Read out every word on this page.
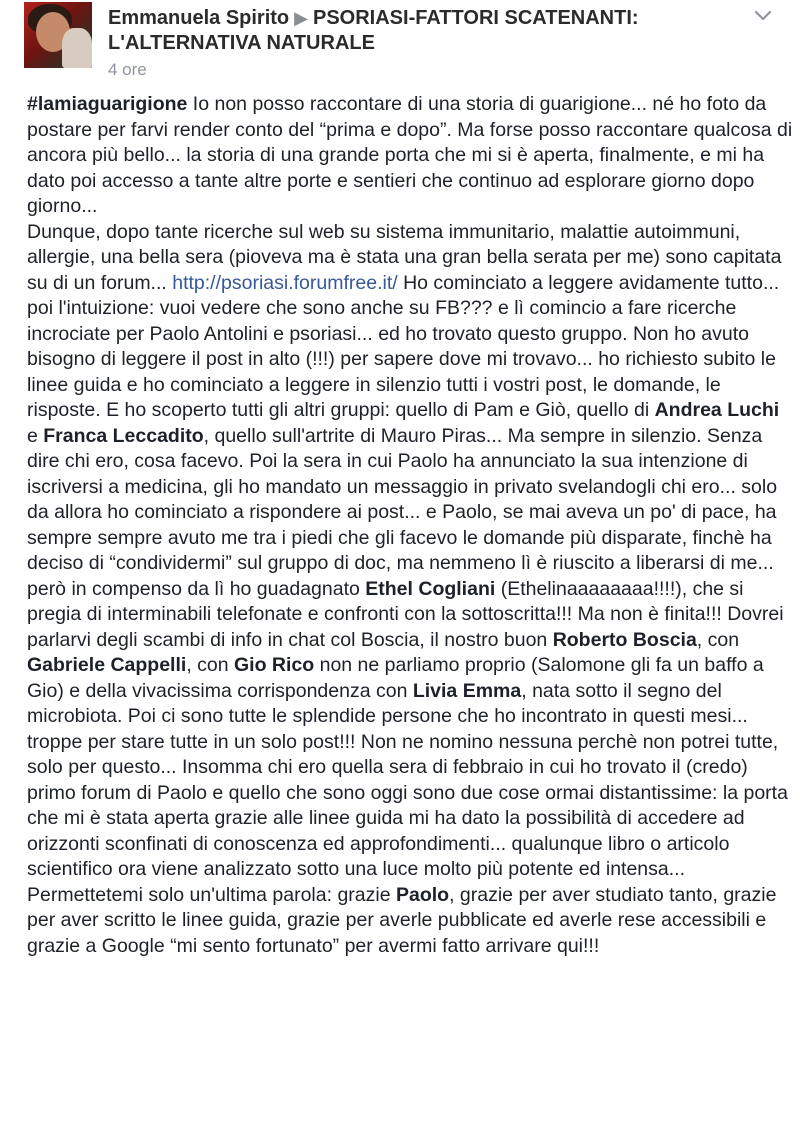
Emmanuela Spirito ▶ PSORIASI-FATTORI SCATENANTI: L'ALTERNATIVA NATURALE
4 ore

#lamiaguarigione Io non posso raccontare di una storia di guarigione... né ho foto da postare per farvi render conto del “prima e dopo”. Ma forse posso raccontare qualcosa di ancora più bello... la storia di una grande porta che mi si è aperta, finalmente, e mi ha dato poi accesso a tante altre porte e sentieri che continuo ad esplorare giorno dopo giorno...

Dunque, dopo tante ricerche sul web su sistema immunitario, malattie autoimmuni, allergie, una bella sera (pioveva ma è stata una gran bella serata per me) sono capitata su di un forum... http://psoriasi.forumfree.it/ Ho cominciato a leggere avidamente tutto... poi l'intuizione: vuoi vedere che sono anche su FB??? e lì comincio a fare ricerche incrociate per Paolo Antolini e psoriasi... ed ho trovato questo gruppo. Non ho avuto bisogno di leggere il post in alto (!!!) per sapere dove mi trovavo... ho richiesto subito le linee guida e ho cominciato a leggere in silenzio tutti i vostri post, le domande, le risposte. E ho scoperto tutti gli altri gruppi: quello di Pam e Giò, quello di Andrea Luchi e Franca Leccadito, quello sull'artrite di Mauro Piras... Ma sempre in silenzio. Senza dire chi ero, cosa facevo. Poi la sera in cui Paolo ha annunciato la sua intenzione di iscriversi a medicina, gli ho mandato un messaggio in privato svelandogli chi ero... solo da allora ho cominciato a rispondere ai post... e Paolo, se mai aveva un po' di pace, ha sempre sempre avuto me tra i piedi che gli facevo le domande più disparate, finchè ha deciso di “condividermi” sul gruppo di doc, ma nemmeno lì è riuscito a liberarsi di me... però in compenso da lì ho guadagnato Ethel Cogliani (Ethelinaaaaaaaa!!!!), che si pregia di interminabili telefonate e confronti con la sottoscritta!!! Ma non è finita!!! Dovrei parlarvi degli scambi di info in chat col Boscia, il nostro buon Roberto Boscia, con Gabriele Cappelli, con Gio Rico non ne parliamo proprio (Salomone gli fa un baffo a Gio) e della vivacissima corrispondenza con Livia Emma, nata sotto il segno del microbiota. Poi ci sono tutte le splendide persone che ho incontrato in questi mesi... troppe per stare tutte in un solo post!!! Non ne nomino nessuna perchè non potrei tutte, solo per questo... Insomma chi ero quella sera di febbraio in cui ho trovato il (credo) primo forum di Paolo e quello che sono oggi sono due cose ormai distantissime: la porta che mi è stata aperta grazie alle linee guida mi ha dato la possibilità di accedere ad orizzonti sconfinati di conoscenza ed approfondimenti... qualunque libro o articolo scientifico ora viene analizzato sotto una luce molto più potente ed intensa... Permettetemi solo un'ultima parola: grazie Paolo, grazie per aver studiato tanto, grazie per aver scritto le linee guida, grazie per averle pubblicate ed averle rese accessibili e grazie a Google “mi sento fortunato” per avermi fatto arrivare qui!!!
